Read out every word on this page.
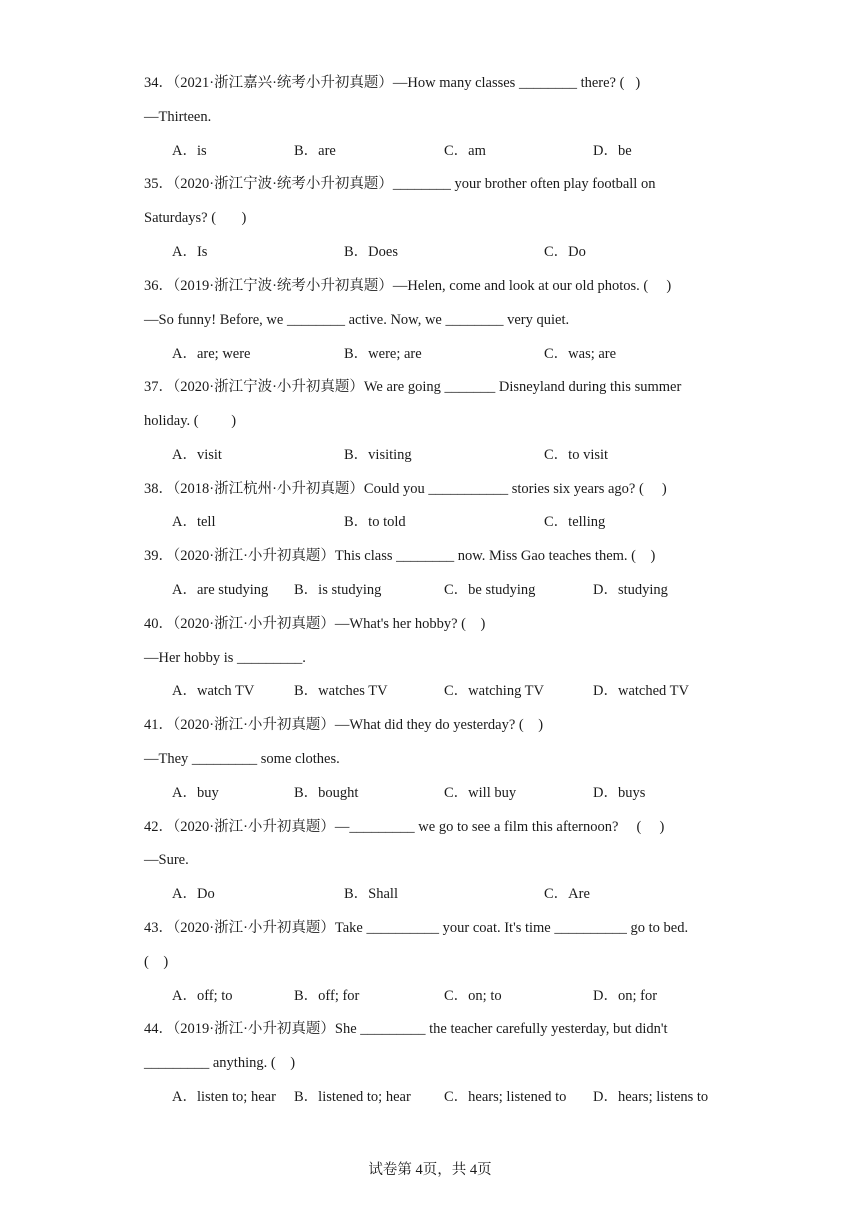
34．（2021·浙江嘉兴·统考小升初真题）—How many classes ________ there? (   )
—Thirteen.
A．is	B．are	C．am	D．be
35．（2020·浙江宁波·统考小升初真题）________ your brother often play football on
Saturdays? (       )
A．Is	B．Does	C．Do
36．（2019·浙江宁波·统考小升初真题）—Helen, come and look at our old photos. (     )
—So funny! Before, we ________ active. Now, we ________ very quiet.
A．are; were	B．were; are	C．was; are
37．（2020·浙江宁波·小升初真题）We are going _______ Disneyland during this summer
holiday. (         )
A．visit	B．visiting	C．to visit
38．（2018·浙江杭州·小升初真题）Could you ___________ stories six years ago? (     )
A．tell	B．to told	C．telling
39．（2020·浙江·小升初真题）This class ________ now. Miss Gao teaches them. (    )
A．are studying B．is studying	C．be studying	D．studying
40．（2020·浙江·小升初真题）—What's her hobby? (    )
—Her hobby is _________.
A．watch TV	B．watches TV	C．watching TV	D．watched TV
41．（2020·浙江·小升初真题）—What did they do yesterday? (    )
—They _________ some clothes.
A．buy	B．bought	C．will buy	D．buys
42．（2020·浙江·小升初真题）—_________ we go to see a film this afternoon?     (     )
—Sure.
A．Do	B．Shall	C．Are
43．（2020·浙江·小升初真题）Take __________ your coat. It's time __________ go to bed.
(    )
A．off; to	B．off; for	C．on; to	D．on; for
44．（2019·浙江·小升初真题）She _________ the teacher carefully yesterday, but didn't
_________ anything. (    )
A．listen to; hear B．listened to; hear C．hears; listened to D．hears; listens to
试卷第 4页，共 4页
